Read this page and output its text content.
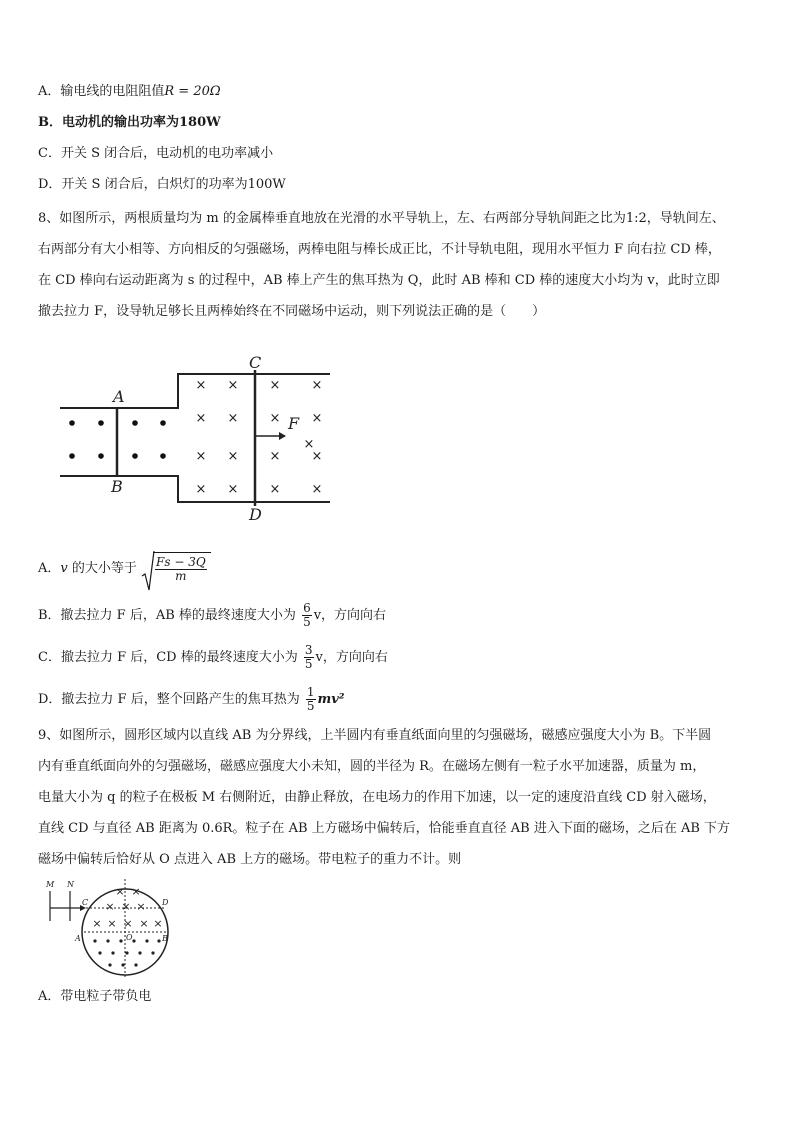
A．输电线的电阻阻值R = 20Ω
B．电动机的输出功率为180W
C．开关 S 闭合后，电动机的电功率减小
D．开关 S 闭合后，白炽灯的功率为100W
8、如图所示，两根质量均为 m 的金属棒垂直地放在光滑的水平导轨上，左、右两部分导轨间距之比为1:2，导轨间左、
右两部分有大小相等、方向相反的匀强磁场，两棒电阻与棒长成正比，不计导轨电阻，现用水平恒力 F 向右拉 CD 棒，
在 CD 棒向右运动距离为 s 的过程中，AB 棒上产生的焦耳热为 Q，此时 AB 棒和 CD 棒的速度大小均为 v，此时立即
撤去拉力 F，设导轨足够长且两棒始终在不同磁场中运动，则下列说法正确的是（　　）
× × × ×
× × × ×
× × × ×
× × × ×
×
A
B
C
D
F
A．v 的大小等于 $\frac{Fs - 3Q}{m}$
B．撤去拉力 F 后，AB 棒的最终速度大小为 $\frac{6}{5}$ v，方向向右
C．撤去拉力 F 后，CD 棒的最终速度大小为 $\frac{3}{5}$ v，方向向右
D．撤去拉力 F 后，整个回路产生的焦耳热为 $\frac{1}{5} mv^2$
9、如图所示，圆形区域内以直线 AB 为分界线，上半圆内有垂直纸面向里的匀强磁场，磁感应强度大小为 B。下半圆
内有垂直纸面向外的匀强磁场，磁感应强度大小未知，圆的半径为 R。在磁场左侧有一粒子水平加速器，质量为 m，
电量大小为 q 的粒子在极板 M 右侧附近，由静止释放，在电场力的作用下加速，以一定的速度沿直线 CD 射入磁场，
直线 CD 与直径 AB 距离为 0.6R。粒子在 AB 上方磁场中偏转后，恰能垂直直径 AB 进入下面的磁场，之后在 AB 下方
磁场中偏转后恰好从 O 点进入 AB 上方的磁场。带电粒子的重力不计。则
× ×
× × ×
× × × × ×
M N
C	D
A	B
O
A．带电粒子带负电
